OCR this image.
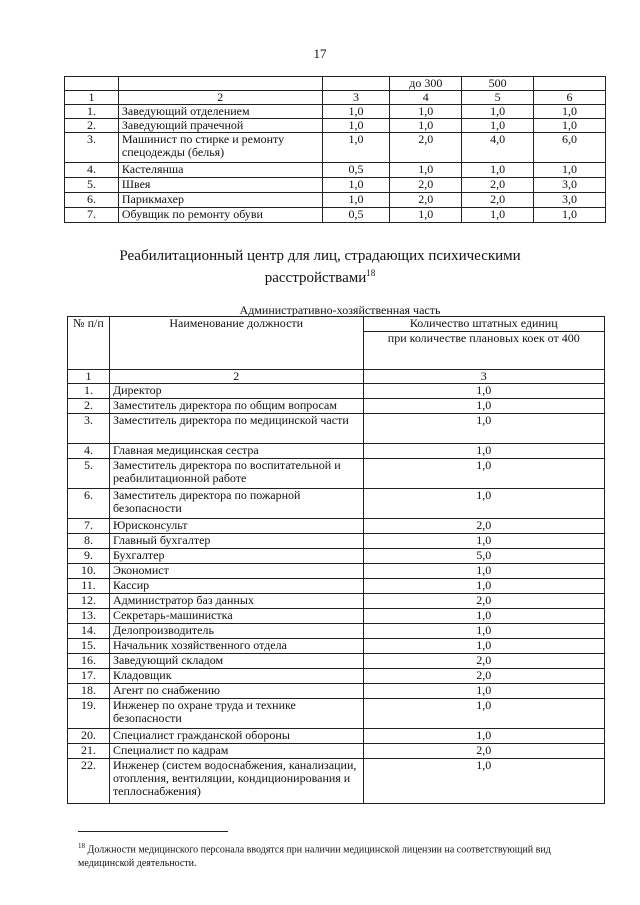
17
			до 300	500	
1	2	3	4	5	6
1.	Заведующий отделением	1,0	1,0	1,0	1,0
2.	Заведующий прачечной	1,0	1,0	1,0	1,0
3.	Машинист по стирке и ремонту спецодежды (белья)	1,0	2,0	4,0	6,0
4.	Кастелянша	0,5	1,0	1,0	1,0
5.	Швея	1,0	2,0	2,0	3,0
6.	Парикмахер	1,0	2,0	2,0	3,0
7.	Обувщик по ремонту обуви	0,5	1,0	1,0	1,0
Реабилитационный центр для лиц, страдающих психическими
расстройствами$^{18}$
Административно-хозяйственная часть
№ п/п	Наименование должности	Количество штатных единиц
		при количестве плановых коек от 400
1	2	3
1.	Директор	1,0
2.	Заместитель директора по общим вопросам	1,0
3.	Заместитель директора по медицинской части	1,0
4.	Главная медицинская сестра	1,0
5.	Заместитель директора по воспитательной и реабилитационной работе	1,0
6.	Заместитель директора по пожарной безопасности	1,0
7.	Юрисконсульт	2,0
8.	Главный бухгалтер	1,0
9.	Бухгалтер	5,0
10.	Экономист	1,0
11.	Кассир	1,0
12.	Администратор баз данных	2,0
13.	Секретарь-машинистка	1,0
14.	Делопроизводитель	1,0
15.	Начальник хозяйственного отдела	1,0
16.	Заведующий складом	2,0
17.	Кладовщик	2,0
18.	Агент по снабжению	1,0
19.	Инженер по охране труда и технике безопасности	1,0
20.	Специалист гражданской обороны	1,0
21.	Специалист по кадрам	2,0
22.	Инженер (систем водоснабжения, канализации, отопления, вентиляции, кондиционирования и теплоснабжения)	1,0
$^{18}$ Должности медицинского персонала вводятся при наличии медицинской лицензии на соответствующий вид медицинской деятельности.
